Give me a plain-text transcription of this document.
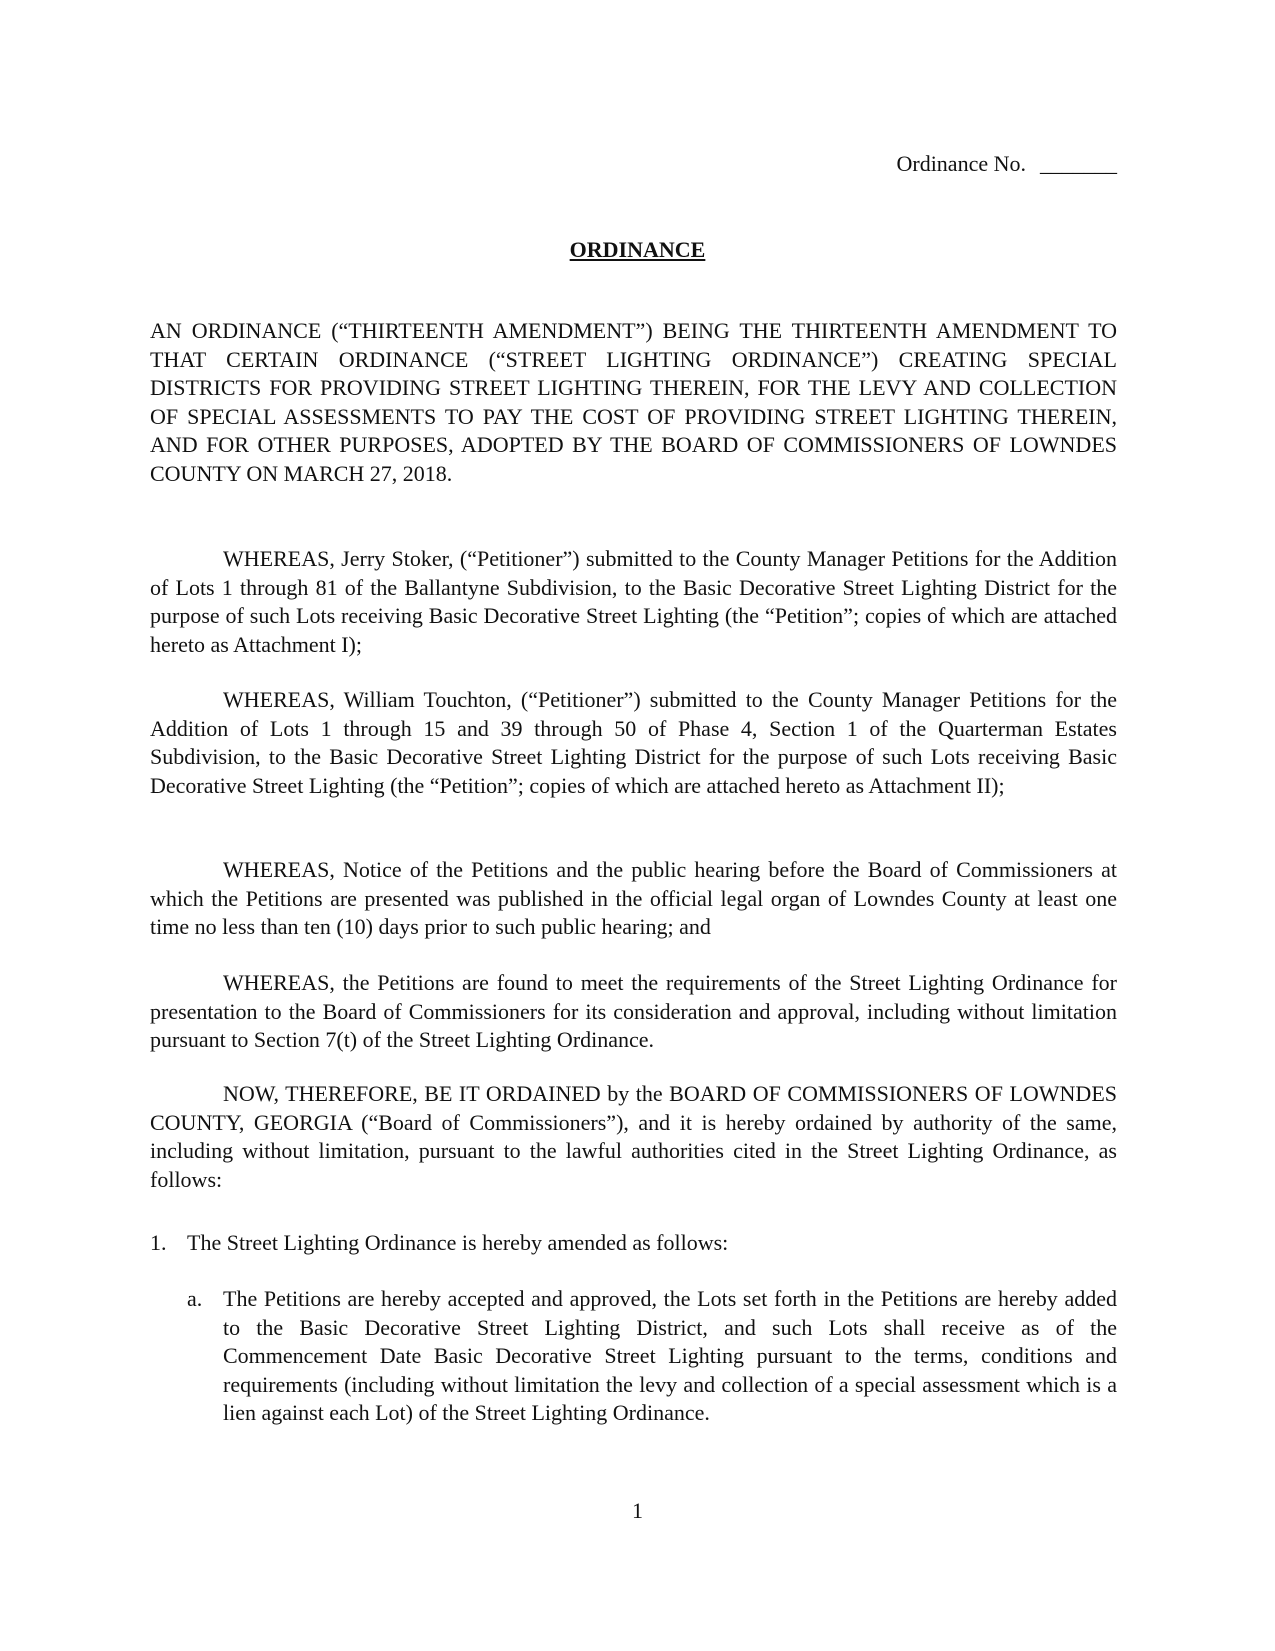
Ordinance No. _______
ORDINANCE

AN ORDINANCE (“THIRTEENTH AMENDMENT”) BEING THE THIRTEENTH AMENDMENT TO THAT CERTAIN ORDINANCE (“STREET LIGHTING ORDINANCE”) CREATING SPECIAL DISTRICTS FOR PROVIDING STREET LIGHTING THEREIN, FOR THE LEVY AND COLLECTION OF SPECIAL ASSESSMENTS TO PAY THE COST OF PROVIDING STREET LIGHTING THEREIN, AND FOR OTHER PURPOSES, ADOPTED BY THE BOARD OF COMMISSIONERS OF LOWNDES COUNTY ON MARCH 27, 2018.

WHEREAS, Jerry Stoker, (“Petitioner”) submitted to the County Manager Petitions for the Addition of Lots 1 through 81 of the Ballantyne Subdivision, to the Basic Decorative Street Lighting District for the purpose of such Lots receiving Basic Decorative Street Lighting (the “Petition”; copies of which are attached hereto as Attachment I);

WHEREAS, William Touchton, (“Petitioner”) submitted to the County Manager Petitions for the Addition of Lots 1 through 15 and 39 through 50 of Phase 4, Section 1 of the Quarterman Estates Subdivision, to the Basic Decorative Street Lighting District for the purpose of such Lots receiving Basic Decorative Street Lighting (the “Petition”; copies of which are attached hereto as Attachment II);

WHEREAS, Notice of the Petitions and the public hearing before the Board of Commissioners at which the Petitions are presented was published in the official legal organ of Lowndes County at least one time no less than ten (10) days prior to such public hearing; and

WHEREAS, the Petitions are found to meet the requirements of the Street Lighting Ordinance for presentation to the Board of Commissioners for its consideration and approval, including without limitation pursuant to Section 7(t) of the Street Lighting Ordinance.

NOW, THEREFORE, BE IT ORDAINED by the BOARD OF COMMISSIONERS OF LOWNDES COUNTY, GEORGIA (“Board of Commissioners”), and it is hereby ordained by authority of the same, including without limitation, pursuant to the lawful authorities cited in the Street Lighting Ordinance, as follows:

1. The Street Lighting Ordinance is hereby amended as follows:
a. The Petitions are hereby accepted and approved, the Lots set forth in the Petitions are hereby added to the Basic Decorative Street Lighting District, and such Lots shall receive as of the Commencement Date Basic Decorative Street Lighting pursuant to the terms, conditions and requirements (including without limitation the levy and collection of a special assessment which is a lien against each Lot) of the Street Lighting Ordinance.
1
